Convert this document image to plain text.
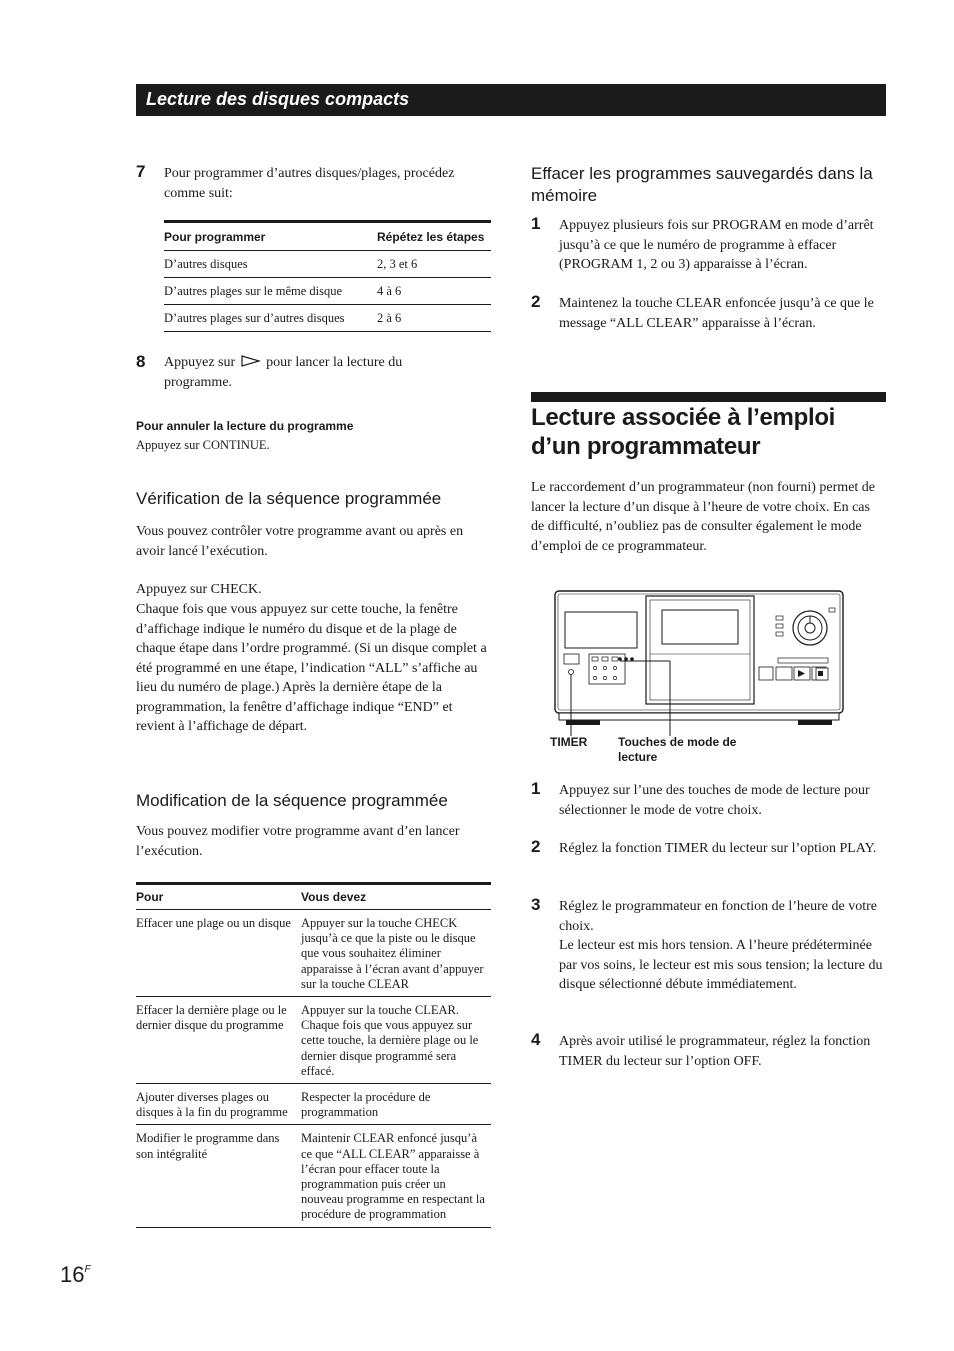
Lecture des disques compacts
7 Pour programmer d’autres disques/plages, procédez comme suit:
Pour programmer	Répétez les étapes
D’autres disques	2, 3 et 6
D’autres plages sur le même disque	4 à 6
D’autres plages sur d’autres disques	2 à 6
8 Appuyez sur pour lancer la lecture du programme.
Pour annuler la lecture du programme
Appuyez sur CONTINUE.
Vérification de la séquence programmée
Vous pouvez contrôler votre programme avant ou après en avoir lancé l’exécution.
Appuyez sur CHECK.
Chaque fois que vous appuyez sur cette touche, la fenêtre d’affichage indique le numéro du disque et de la plage de chaque étape dans l’ordre programmé. (Si un disque complet a été programmé en une étape, l’indication “ALL” s’affiche au lieu du numéro de plage.) Après la dernière étape de la programmation, la fenêtre d’affichage indique “END” et revient à l’affichage de départ.
Modification de la séquence programmée
Vous pouvez modifier votre programme avant d’en lancer l’exécution.
Pour	Vous devez
Effacer une plage ou un disque	Appuyer sur la touche CHECK jusqu’à ce que la piste ou le disque que vous souhaitez éliminer apparaisse à l’écran avant d’appuyer sur la touche CLEAR
Effacer la dernière plage ou le dernier disque du programme	Appuyer sur la touche CLEAR. Chaque fois que vous appuyez sur cette touche, la dernière plage ou le dernier disque programmé sera effacé.
Ajouter diverses plages ou disques à la fin du programme	Respecter la procédure de programmation
Modifier le programme dans son intégralité	Maintenir CLEAR enfoncé jusqu’à ce que “ALL CLEAR” apparaisse à l’écran pour effacer toute la programmation puis créer un nouveau programme en respectant la procédure de programmation
$16^F$
Effacer les programmes sauvegardés dans la mémoire
1 Appuyez plusieurs fois sur PROGRAM en mode d’arrêt jusqu’à ce que le numéro de programme à effacer (PROGRAM 1, 2 ou 3) apparaisse à l’écran.
2 Maintenez la touche CLEAR enfoncée jusqu’à ce que le message “ALL CLEAR” apparaisse à l’écran.
Lecture associée à l’emploi d’un programmateur
Le raccordement d’un programmateur (non fourni) permet de lancer la lecture d’un disque à l’heure de votre choix. En cas de difficulté, n’oubliez pas de consulter également le mode d’emploi de ce programmateur.
TIMER	Touches de mode de lecture
1 Appuyez sur l’une des touches de mode de lecture pour sélectionner le mode de votre choix.
2 Réglez la fonction TIMER du lecteur sur l’option PLAY.
3 Réglez le programmateur en fonction de l’heure de votre choix.
Le lecteur est mis hors tension. A l’heure prédéterminée par vos soins, le lecteur est mis sous tension; la lecture du disque sélectionné débute immédiatement.
4 Après avoir utilisé le programmateur, réglez la fonction TIMER du lecteur sur l’option OFF.
